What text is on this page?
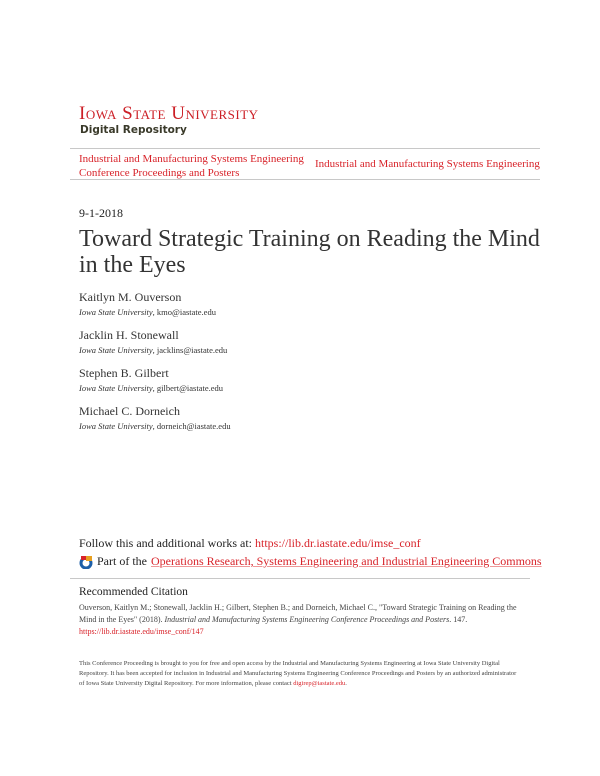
Iowa State University
Digital Repository
Industrial and Manufacturing Systems Engineering Conference Proceedings and Posters
Industrial and Manufacturing Systems Engineering
9-1-2018
Toward Strategic Training on Reading the Mind in the Eyes
Kaitlyn M. Ouverson
Iowa State University, kmo@iastate.edu
Jacklin H. Stonewall
Iowa State University, jacklins@iastate.edu
Stephen B. Gilbert
Iowa State University, gilbert@iastate.edu
Michael C. Dorneich
Iowa State University, dorneich@iastate.edu
Follow this and additional works at: https://lib.dr.iastate.edu/imse_conf
Part of the Operations Research, Systems Engineering and Industrial Engineering Commons
Recommended Citation
Ouverson, Kaitlyn M.; Stonewall, Jacklin H.; Gilbert, Stephen B.; and Dorneich, Michael C., "Toward Strategic Training on Reading the Mind in the Eyes" (2018). Industrial and Manufacturing Systems Engineering Conference Proceedings and Posters. 147.
https://lib.dr.iastate.edu/imse_conf/147
This Conference Proceeding is brought to you for free and open access by the Industrial and Manufacturing Systems Engineering at Iowa State University Digital Repository. It has been accepted for inclusion in Industrial and Manufacturing Systems Engineering Conference Proceedings and Posters by an authorized administrator of Iowa State University Digital Repository. For more information, please contact digirep@iastate.edu.
